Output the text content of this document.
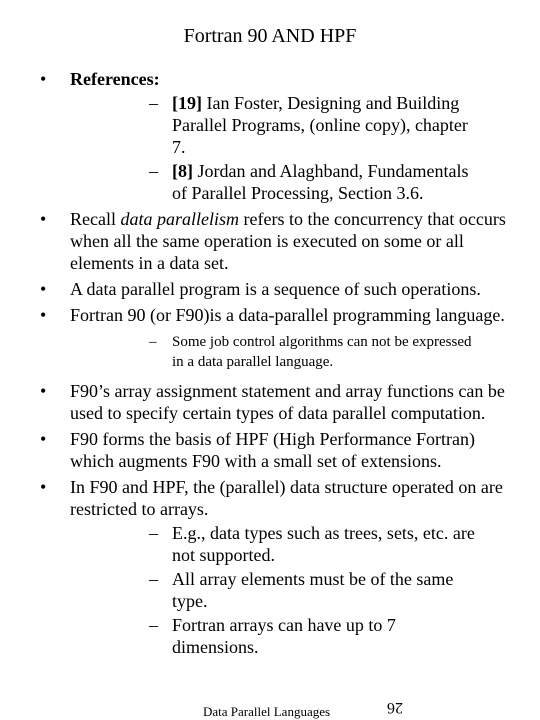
Fortran 90 AND HPF
• References:
– [19] Ian Foster, Designing and Building Parallel Programs, (online copy), chapter 7.
– [8] Jordan and Alaghband, Fundamentals of Parallel Processing, Section 3.6.
• Recall data parallelism refers to the concurrency that occurs when all the same operation is executed on some or all elements in a data set.
• A data parallel program is a sequence of such operations.
• Fortran 90 (or F90)is a data-parallel programming language.
– Some job control algorithms can not be expressed in a data parallel language.
• F90’s array assignment statement and array functions can be used to specify certain types of data parallel computation.
• F90 forms the basis of HPF (High Performance Fortran) which augments F90 with a small set of extensions.
• In F90 and HPF, the (parallel) data structure operated on are restricted to arrays.
– E.g., data types such as trees, sets, etc. are not supported.
– All array elements must be of the same type.
– Fortran arrays can have up to 7 dimensions.
Data Parallel Languages	26
